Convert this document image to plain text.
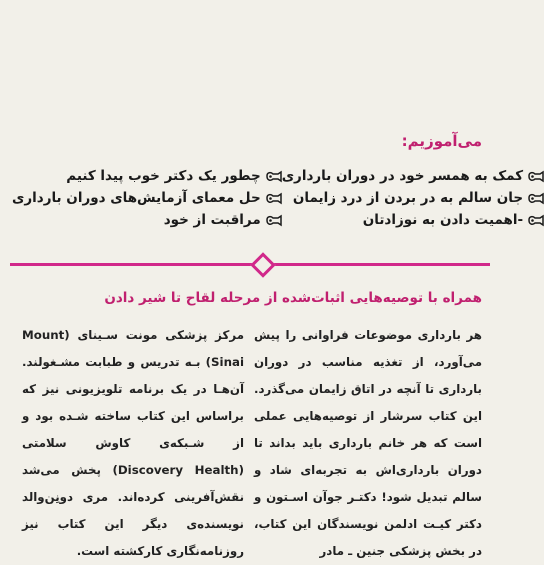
می‌آموزیم:
چطور یک دکتر خوب پیدا کنیم
حل معمای آزمایش‌های دوران بارداری
مراقبت از خود
کمک به همسر خود در دوران بارداری
جان سالم به در بردن از درد زایمان
-اهمیت دادن به نوزادتان
همراه با توصیه‌هایی اثبات‌شده از مرحله لقاح تا شیر دادن
هر بارداری موضوعات فراوانی را پیش می‌آورد، از تغذیه مناسب در دوران بارداری تا آنچه در اتاق زایمان می‌گذرد. این کتاب سرشار از توصیه‌هایی عملی است که هر خانم بارداری باید بداند تا دوران بارداری‌اش به تجربه‌ای شاد و سالم تبدیل شود! دکتـر جوآن اسـتون و دکتر کیـت ادلمن نویسندگان این کتاب، در بخش پزشکی جنین ـ مادر
مرکز پزشکی مونت سـینای (Mount Sinai) بـه تدریس و طبابت مشـغولند. آن‌هـا در یک برنامه تلویزیونی نیز که براساس این کتاب ساخته شـده بود و از شـبکه‌ی کاوش سلامتی (Discovery Health) پخش می‌شد نقش‌آفرینی کرده‌اند. مری دونِن‌والد نویسنده‌ی دیگر این کتاب نیز روزنامه‌نگاری کارکشته است.
